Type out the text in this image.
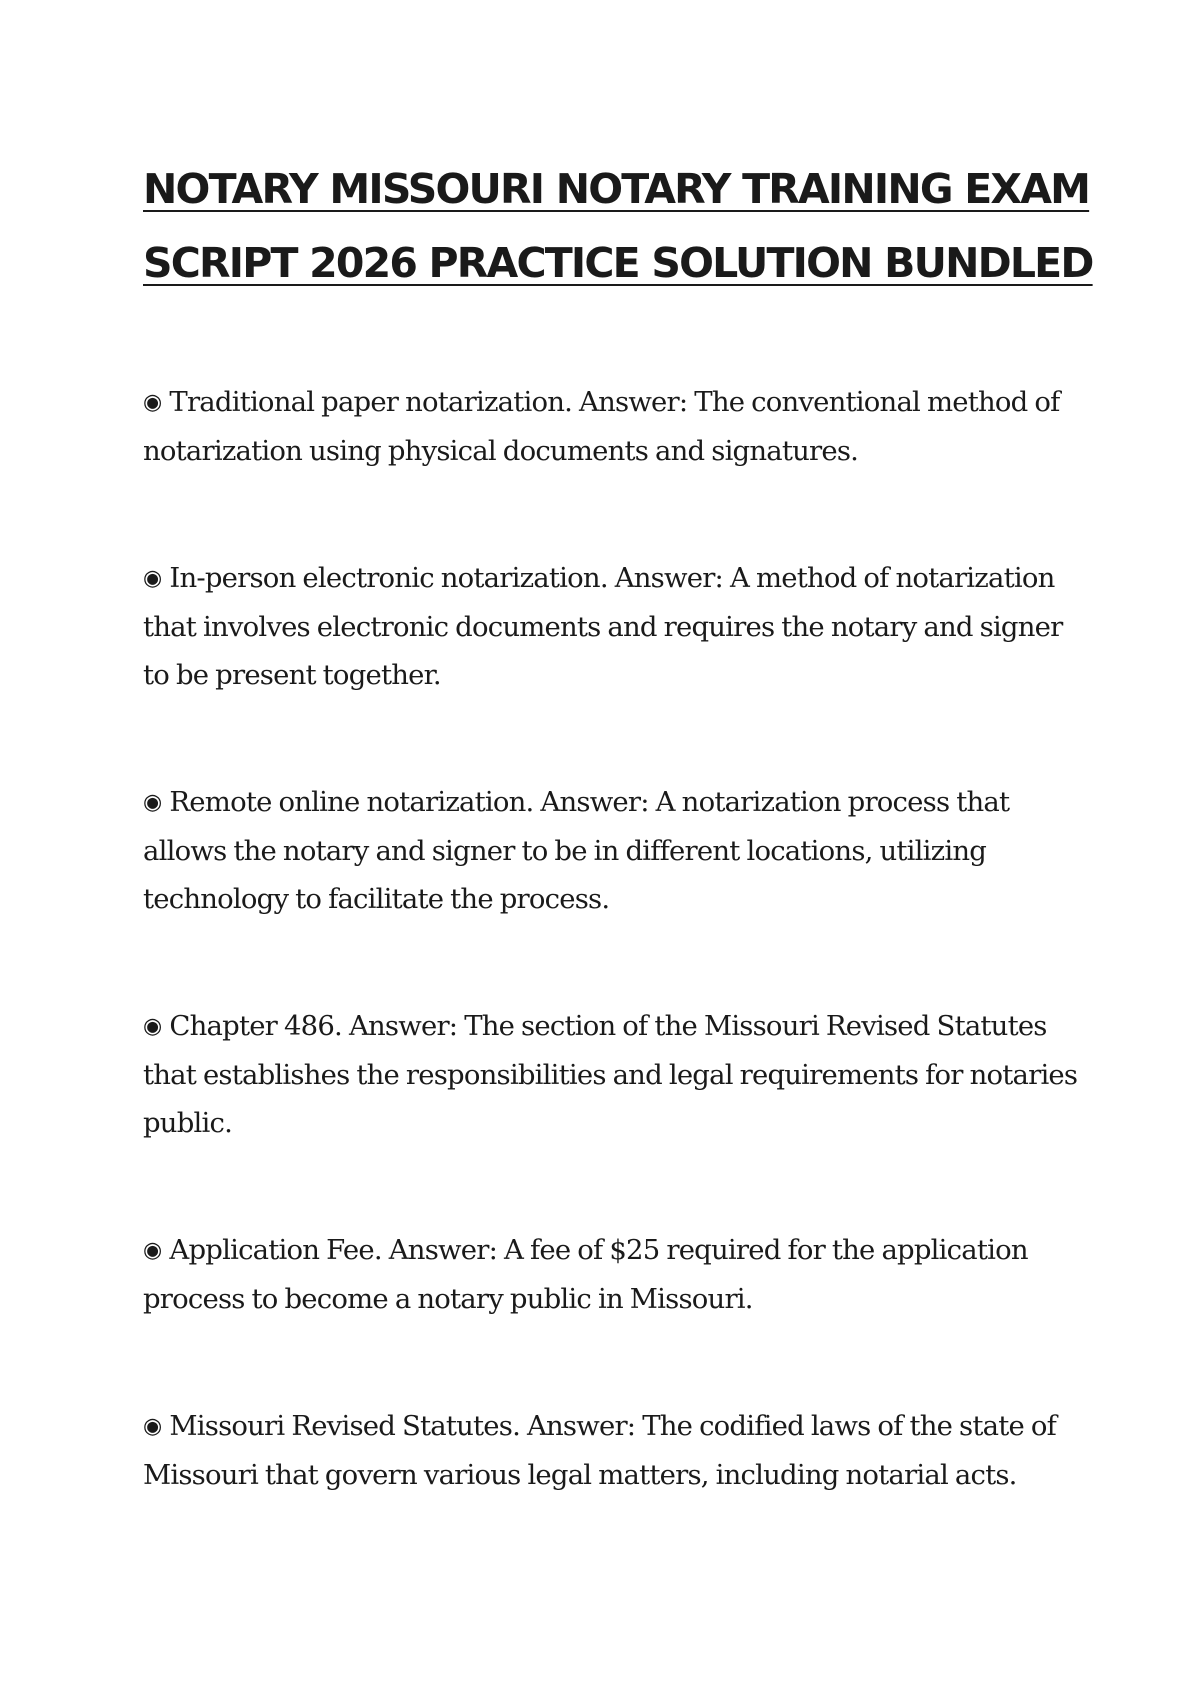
NOTARY MISSOURI NOTARY TRAINING EXAM
SCRIPT 2026 PRACTICE SOLUTION BUNDLED

◉ Traditional paper notarization. Answer: The conventional method of notarization using physical documents and signatures.

◉ In-person electronic notarization. Answer: A method of notarization that involves electronic documents and requires the notary and signer to be present together.

◉ Remote online notarization. Answer: A notarization process that allows the notary and signer to be in different locations, utilizing technology to facilitate the process.

◉ Chapter 486. Answer: The section of the Missouri Revised Statutes that establishes the responsibilities and legal requirements for notaries public.

◉ Application Fee. Answer: A fee of $25 required for the application process to become a notary public in Missouri.

◉ Missouri Revised Statutes. Answer: The codified laws of the state of Missouri that govern various legal matters, including notarial acts.
